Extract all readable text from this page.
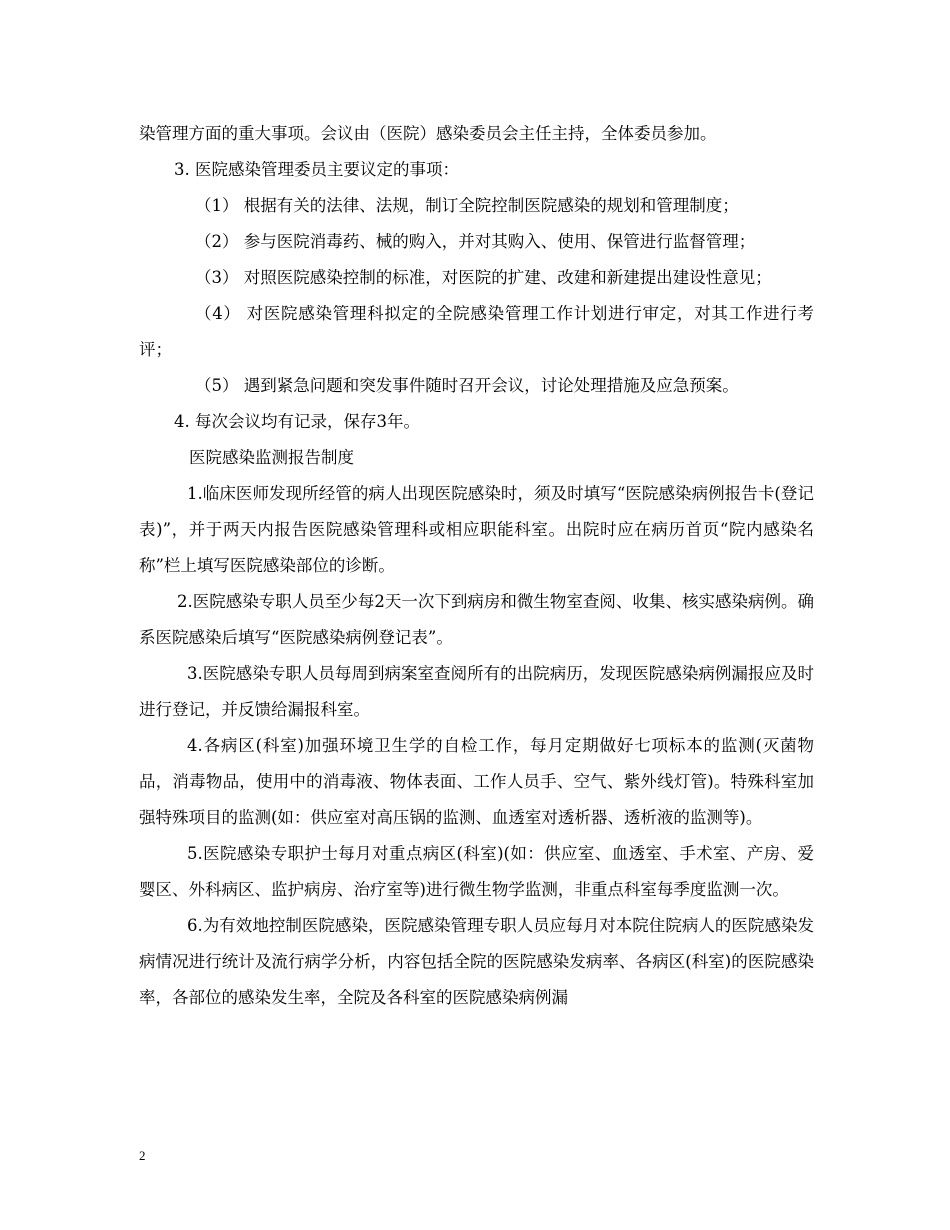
染管理方面的重大事项。会议由（医院）感染委员会主任主持，全体委员参加。

3. 医院感染管理委员主要议定的事项：

（1） 根据有关的法律、法规，制订全院控制医院感染的规划和管理制度；

（2） 参与医院消毒药、械的购入，并对其购入、使用、保管进行监督管理；

（3） 对照医院感染控制的标准，对医院的扩建、改建和新建提出建设性意见；

（4） 对医院感染管理科拟定的全院感染管理工作计划进行审定，对其工作进行考评；

（5） 遇到紧急问题和突发事件随时召开会议，讨论处理措施及应急预案。

4. 每次会议均有记录，保存3年。

医院感染监测报告制度

1.临床医师发现所经管的病人出现医院感染时，须及时填写“医院感染病例报告卡(登记表)”，并于两天内报告医院感染管理科或相应职能科室。出院时应在病历首页“院内感染名称”栏上填写医院感染部位的诊断。

2.医院感染专职人员至少每2天一次下到病房和微生物室查阅、收集、核实感染病例。确系医院感染后填写“医院感染病例登记表”。

3.医院感染专职人员每周到病案室查阅所有的出院病历，发现医院感染病例漏报应及时进行登记，并反馈给漏报科室。

4.各病区(科室)加强环境卫生学的自检工作，每月定期做好七项标本的监测(灭菌物品，消毒物品，使用中的消毒液、物体表面、工作人员手、空气、紫外线灯管)。特殊科室加强特殊项目的监测(如：供应室对高压锅的监测、血透室对透析器、透析液的监测等)。

5.医院感染专职护士每月对重点病区(科室)(如：供应室、血透室、手术室、产房、爱婴区、外科病区、监护病房、治疗室等)进行微生物学监测，非重点科室每季度监测一次。

6.为有效地控制医院感染，医院感染管理专职人员应每月对本院住院病人的医院感染发病情况进行统计及流行病学分析，内容包括全院的医院感染发病率、各病区(科室)的医院感染率，各部位的感染发生率，全院及各科室的医院感染病例漏

2
